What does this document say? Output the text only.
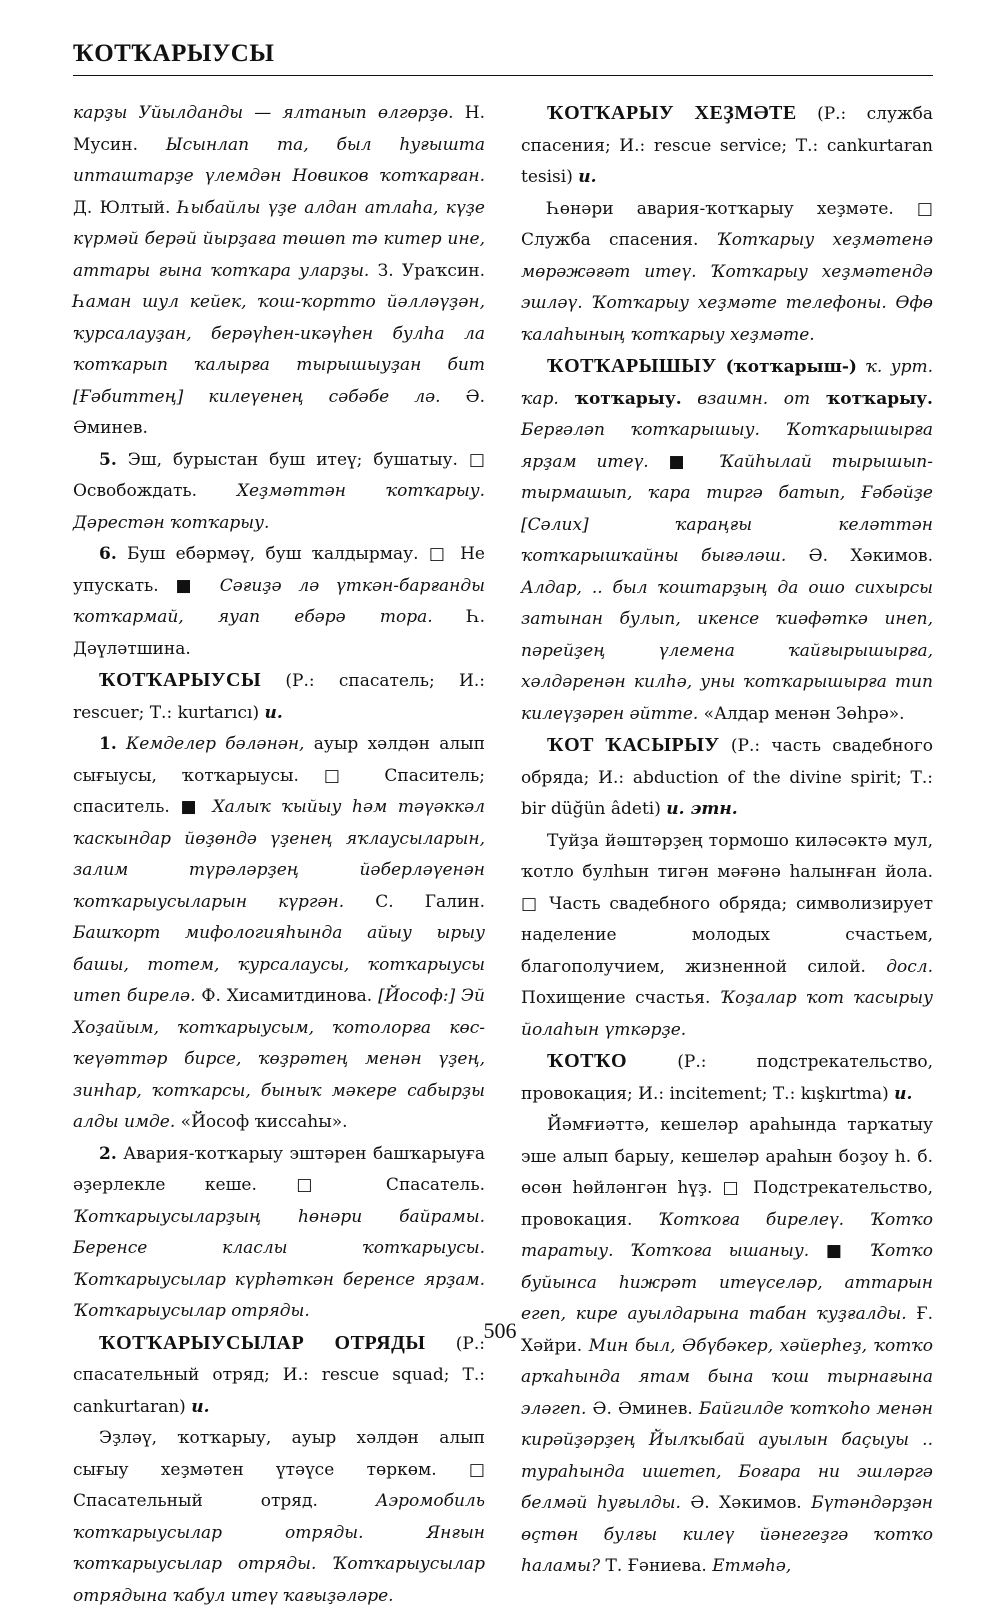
ҠОТҠАРЫУСЫ

карҙы Уйылданды — ялтанып өлгөрҙө. Н. Мусин. Ысынлап та, был һуғышта ипташтарҙе үлемдән Новиков ҡотҡарған. Д. Юлтый. Һыбайлы үҙе алдан атлаһа, күҙе күрмәй берәй йырҙаға төшөп тә китер ине, аттары ғына ҡотҡара уларҙы. З. Ураҡсин. Һаман шул кейек, ҡош-ҡортто йәлләүҙән, ҡурсалауҙан, берәүһен-икәүһен булһа ла ҡотҡарып ҡалырға тырышыуҙан бит [Ғәбиттең] килеүенең сәбәбе лә. Ә. Әминев.

5. Эш, бурыстан буш итеү; бушатыу. □ Освобождать. Хеҙмәттән ҡотҡарыу. Дәрестән ҡотҡарыу.

6. Буш ебәрмәү, буш ҡалдырмау. □ Не упускать. ■ Сәғиҙә лә үткән-барғанды ҡотҡармай, яуап ебәрә тора. Һ. Дәүләтшина.

ҠОТҠАРЫУСЫ (Р.: спасатель; И.: rescuer; Т.: kurtarıcı) и.

1. Кемделер бәләнән, ауыр хәлдән алып сығыусы, ҡотҡарыусы. □ Спаситель; спаситель. ■ Халыҡ ҡыйыу һәм тәүәккәл ҡаскындар йөҙөндә үҙенең яҡлаусыларын, залим түрәләрҙең йәберләүенән ҡотҡарыусыларын күргән. С. Галин. Башҡорт мифологияһында айыу ырыу башы, тотем, ҡурсалаусы, ҡотҡарыусы итеп бирелә. Ф. Хисамитдинова. [Йософ:] Эй Хоҙайым, ҡотҡарыусым, ҡотолорға көс-ҡеүәттәр бирсе, ҡөҙрәтең менән үҙең, зинһар, ҡотҡарсы, быныҡ мәкере сабырҙы алды имде. «Йософ ҡиссаһы».

2. Авария-ҡотҡарыу эштәрен башҡарыуға әҙерлекле кеше. □ Спасатель. Ҡотҡарыусыларҙың һөнәри байрамы. Беренсе класлы ҡотҡарыусы. Ҡотҡарыусылар күрһәткән беренсе ярҙам. Ҡотҡарыусылар отряды.

ҠОТҠАРЫУСЫЛАР ОТРЯДЫ (Р.: спасательный отряд; И.: rescue squad; Т.: cankurtaran) и.

Эҙләү, ҡотҡарыу, ауыр хәлдән алып сығыу хеҙмәтен үтәүсе төркөм. □ Спасательный отряд. Аэромобиль ҡотҡарыусылар отряды. Янғын ҡотҡарыусылар отряды. Ҡотҡарыусылар отрядына ҡабул итеү ҡағыҙәләре.

ҠОТҠАРЫУ ХЕҘМӘТЕ (Р.: служба спасения; И.: rescue service; Т.: cankurtaran tesisi) и.

Һөнәри авария-ҡотҡарыу хеҙмәте. □ Служба спасения. Ҡотҡарыу хеҙмәтенә мөрәжәғәт итеү. Ҡотҡарыу хеҙмәтендә эшләү. Ҡотҡарыу хеҙмәте телефоны. Өфө ҡалаһының ҡотҡарыу хеҙмәте.

ҠОТҠАРЫШЫУ (ҡотҡарыш-) ҡ. урт. ҡар. ҡотҡарыу. взаимн. от ҡотҡарыу. Берғәләп ҡотҡарышыу. Ҡотҡарышырға ярҙам итеү. ■ Ҡайһылай тырышып-тырмашып, ҡара тиргә батып, Ғәбәйҙе [Сәлих] ҡараңғы келәттән ҡотҡарышҡайны бығәләш. Ә. Хәкимов. Алдар, .. был ҡоштарҙың да ошо сихырсы затынан булып, икенсе ҡиәфәткә инеп, пәрейҙең үлемена ҡайғырышырға, хәлдәренән килһә, уны ҡотҡарышырға тип килеүҙәрен әйтте. «Алдар менән Зөһрә».

ҠОТ ҠАСЫРЫУ (Р.: часть свадебного обряда; И.: abduction of the divine spirit; Т.: bir düğün âdeti) и. этн.

Туйҙа йәштәрҙең тормошо киләсәктә мул, ҡотло булһын тигән мәғәнә һалынған йола. □ Часть свадебного обряда; символизирует наделение молодых счастьем, благополучием, жизненной силой. досл. Похищение счастья. Ҡоҙалар ҡот ҡасырыу йолаһын үткәрҙе.

ҠОТҠО (Р.: подстрекательство, провокация; И.: incitement; Т.: kışkırtma) и.

Йәмғиәттә, кешеләр араһында тарҡатыу эше алып барыу, кешеләр араһын боҙоу h. б. өсөн һөйләнгән һүҙ. □ Подстрекательство, провокация. Ҡотҡоға бирелеү. Ҡотҡо таратыу. Ҡотҡоға ышаныу. ■ Ҡотҡо буйынса һижрәт итеүселәр, аттарын егеп, кире ауылдарына табан ҡуҙғалды. Ғ. Хәйри. Мин был, Әбүбәкер, хәйерһеҙ, ҡотҡо арҡаһында ятам бына ҡош тырнағына эләгеп. Ә. Әминев. Байгилде ҡотҡоһо менән кирәйҙәрҙең Йылҡыбай ауылын баҫыуы .. тураһында ишетеп, Боғара ни эшләргә белмәй һуғылды. Ә. Хәкимов. Бүтәндәрҙән өҫтөн булғы килеү йәнегеҙгә ҡотҡо һаламы? Т. Ғәниева. Етмәһә,

506
